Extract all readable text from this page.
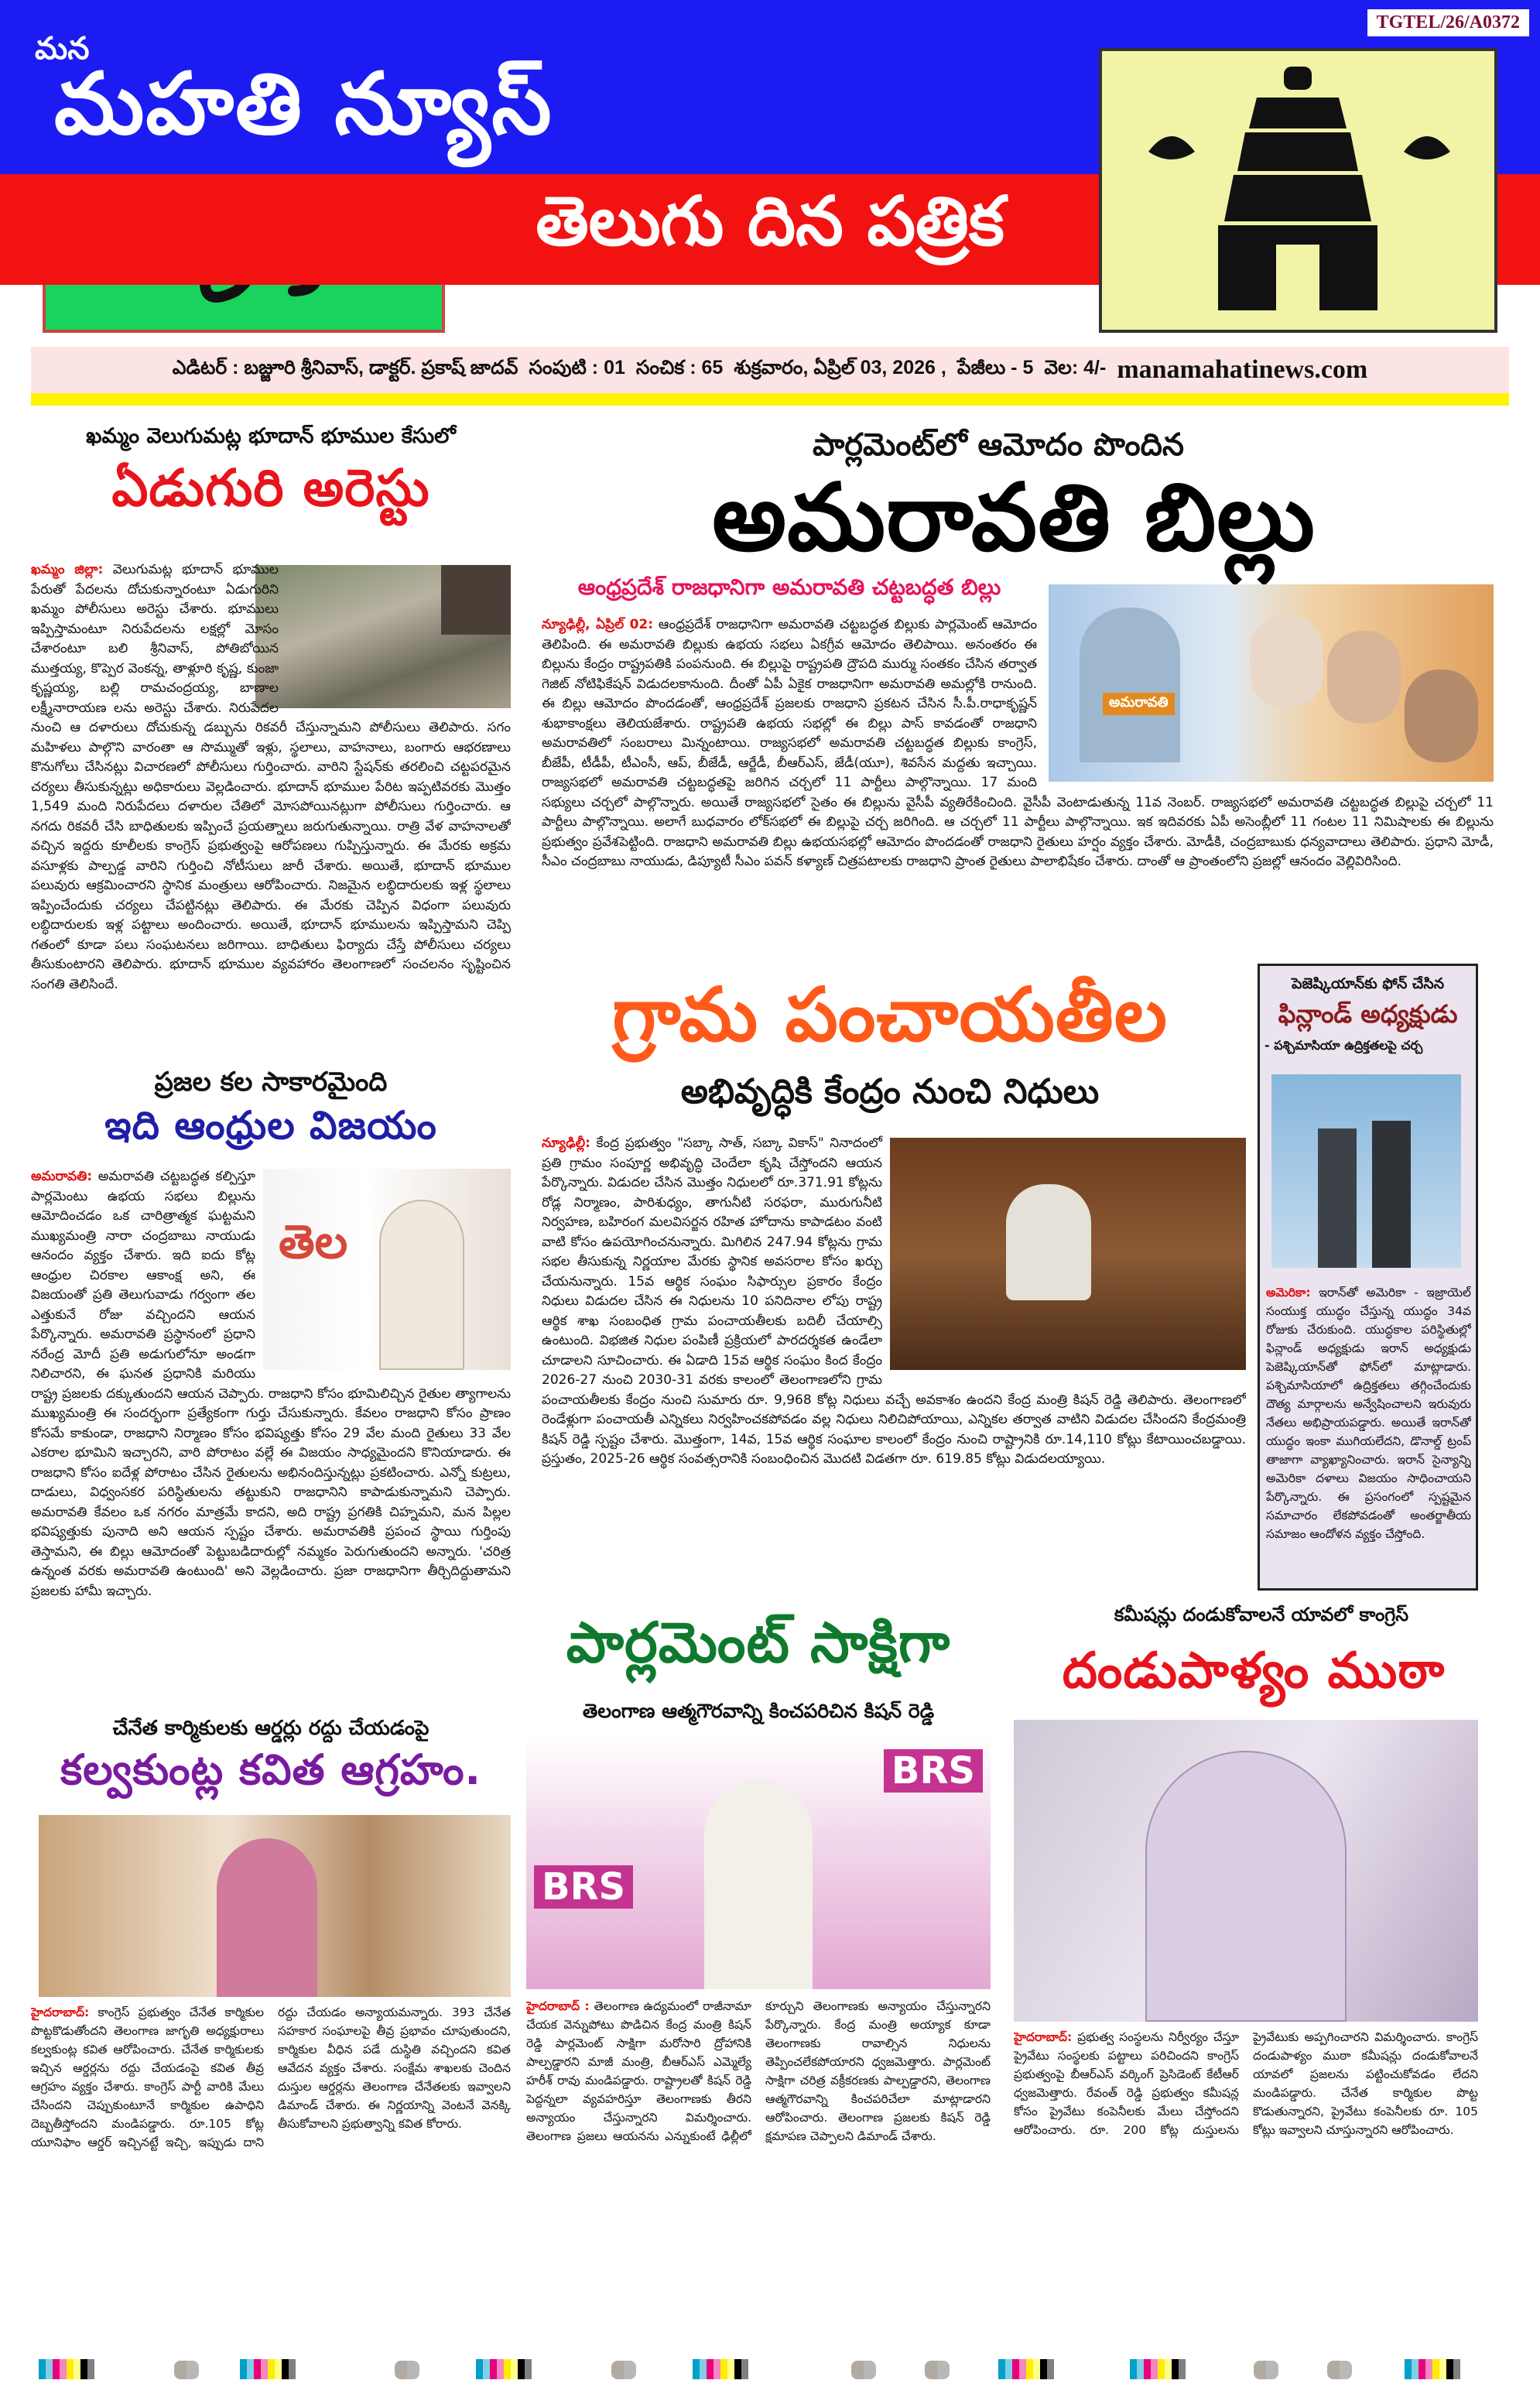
TGTEL/26/A0372
మన
మహతి న్యూస్
తెలుగు దిన పత్రిక
ఎడిటర్ : బజ్జూరి శ్రీనివాస్, డాక్టర్. ప్రకాష్ జాదవ్ సంపుటి : 01 సంచిక : 65 శుక్రవారం, ఏప్రిల్ 03, 2026 , పేజీలు - 5 వెల: 4/- manamahatinews.com
ఖమ్మం వెలుగుమట్ల భూదాన్ భూముల కేసులో
ఏడుగురి అరెస్టు
ఖమ్మం జిల్లా: వెలుగుమట్ల భూదాన్ భూముల పేరుతో పేదలను దోచుకున్నారంటూ ఏడుగురిని ఖమ్మం పోలీసులు అరెస్టు చేశారు. భూములు ఇప్పిస్తామంటూ నిరుపేదలను లక్షల్లో మోసం చేశారంటూ బలి శ్రీనివాస్, పోతిబోయిన ముత్తయ్య, కొప్పెర వెంకన్న, తాళ్లూరి కృష్ణ, కుంజా కృష్ణయ్య, బల్లి రామచంద్రయ్య, బాణాల లక్ష్మీనారాయణ లను అరెస్టు చేశారు. నిరుపేదల నుంచి ఆ దళారులు దోచుకున్న డబ్బును రికవరీ చేస్తున్నామని పోలీసులు తెలిపారు. సగం మహిళలు పాల్గొని వారంతా ఆ సొమ్ముతో ఇళ్లు, స్థలాలు, వాహనాలు, బంగారు ఆభరణాలు కొనుగోలు చేసినట్లు విచారణలో పోలీసులు గుర్తించారు. వారిని స్టేషన్‌కు తరలించి చట్టపరమైన చర్యలు తీసుకున్నట్లు అధికారులు వెల్లడించారు. భూదాన్ భూముల పేరిట ఇప్పటివరకు మొత్తం 1,549 మంది నిరుపేదలు దళారుల చేతిలో మోసపోయినట్లుగా పోలీసులు గుర్తించారు. ఆ నగదు రికవరీ చేసి బాధితులకు ఇప్పించే ప్రయత్నాలు జరుగుతున్నాయి. రాత్రి వేళ వాహనాలతో వచ్చిన ఇద్దరు కూలీలకు కాంగ్రెస్ ప్రభుత్వంపై ఆరోపణలు గుప్పిస్తున్నారు. ఈ మేరకు అక్రమ వసూళ్లకు పాల్పడ్డ వారిని గుర్తించి నోటీసులు జారీ చేశారు. అయితే, భూదాన్ భూముల పలువురు ఆక్రమించారని స్థానిక మంత్రులు ఆరోపించారు. నిజమైన లబ్ధిదారులకు ఇళ్ల స్థలాలు ఇప్పించేందుకు చర్యలు చేపట్టినట్లు తెలిపారు. ఈ మేరకు చెప్పిన విధంగా పలువురు లబ్ధిదారులకు ఇళ్ల పట్టాలు అందించారు. అయితే, భూదాన్ భూములను ఇప్పిస్తామని చెప్పి గతంలో కూడా పలు సంఘటనలు జరిగాయి. బాధితులు ఫిర్యాదు చేస్తే పోలీసులు చర్యలు తీసుకుంటారని తెలిపారు. భూదాన్ భూముల వ్యవహారం తెలంగాణలో సంచలనం సృష్టించిన సంగతి తెలిసిందే.
పార్లమెంట్‌లో ఆమోదం పొందిన
అమరావతి బిల్లు
ఆంధ్రప్రదేశ్ రాజధానిగా అమరావతి చట్టబద్ధత బిల్లు
అమరావతి
న్యూఢిల్లీ, ఏప్రిల్ 02: ఆంధ్రప్రదేశ్ రాజధానిగా అమరావతి చట్టబద్ధత బిల్లుకు పార్లమెంట్ ఆమోదం తెలిపింది. ఈ అమరావతి బిల్లుకు ఉభయ సభలు ఏకగ్రీవ ఆమోదం తెలిపాయి. అనంతరం ఈ బిల్లును కేంద్రం రాష్ట్రపతికి పంపనుంది. ఈ బిల్లుపై రాష్ట్రపతి ద్రౌపది ముర్ము సంతకం చేసిన తర్వాత గెజిట్ నోటిఫికేషన్ విడుదలకానుంది. దీంతో ఏపీ ఏకైక రాజధానిగా అమరావతి అమల్లోకి రానుంది. ఈ బిల్లు ఆమోదం పొందడంతో, ఆంధ్రప్రదేశ్ ప్రజలకు రాజధాని ప్రకటన చేసిన సీ.పీ.రాధాకృష్ణన్ శుభాకాంక్షలు తెలియజేశారు. రాష్ట్రపతి ఉభయ సభల్లో ఈ బిల్లు పాస్ కావడంతో రాజధాని అమరావతిలో సంబరాలు మిన్నంటాయి. రాజ్యసభలో అమరావతి చట్టబద్ధత బిల్లుకు కాంగ్రెస్, బీజేపీ, టీడీపీ, టీఎంసీ, ఆప్, బీజేడీ, ఆర్జేడీ, బీఆర్ఎస్, జేడీ(యూ), శివసేన మద్దతు ఇచ్చాయి. రాజ్యసభలో అమరావతి చట్టబద్ధతపై జరిగిన చర్చలో 11 పార్టీలు పాల్గొన్నాయి. 17 మంది సభ్యులు చర్చలో పాల్గొన్నారు. అయితే రాజ్యసభలో సైతం ఈ బిల్లును వైసీపీ వ్యతిరేకించింది. వైసీపీ వెంటాడుతున్న 11వ నెంబర్. రాజ్యసభలో అమరావతి చట్టబద్ధత బిల్లుపై చర్చలో 11 పార్టీలు పాల్గొన్నాయి. అలాగే బుధవారం లోక్‌సభలో ఈ బిల్లుపై చర్చ జరిగింది. ఆ చర్చలో 11 పార్టీలు పాల్గొన్నాయి. ఇక ఇదివరకు ఏపీ అసెంబ్లీలో 11 గంటల 11 నిమిషాలకు ఈ బిల్లును ప్రభుత్వం ప్రవేశపెట్టింది. రాజధాని అమరావతి బిల్లు ఉభయసభల్లో ఆమోదం పొందడంతో రాజధాని రైతులు హర్షం వ్యక్తం చేశారు. మోడీకి, చంద్రబాబుకు ధన్యవాదాలు తెలిపారు. ప్రధాని మోడీ, సీఎం చంద్రబాబు నాయుడు, డిప్యూటీ సీఎం పవన్ కళ్యాణ్ చిత్రపటాలకు రాజధాని ప్రాంత రైతులు పాలాభిషేకం చేశారు. దాంతో ఆ ప్రాంతంలోని ప్రజల్లో ఆనందం వెల్లివిరిసింది.
గ్రామ పంచాయతీల
అభివృద్ధికి కేంద్రం నుంచి నిధులు
న్యూఢిల్లీ: కేంద్ర ప్రభుత్వం "సబ్కా సాత్, సబ్కా వికాస్" నినాదంలో ప్రతి గ్రామం సంపూర్ణ అభివృద్ధి చెందేలా కృషి చేస్తోందని ఆయన పేర్కొన్నారు. విడుదల చేసిన మొత్తం నిధులలో రూ.371.91 కోట్లను రోడ్ల నిర్మాణం, పారిశుధ్యం, తాగునీటి సరఫరా, మురుగునీటి నిర్వహణ, బహిరంగ మలవిసర్జన రహిత హోదాను కాపాడటం వంటి వాటి కోసం ఉపయోగించనున్నారు. మిగిలిన 247.94 కోట్లను గ్రామ సభల తీసుకున్న నిర్ణయాల మేరకు స్థానిక అవసరాల కోసం ఖర్చు చేయనున్నారు. 15వ ఆర్థిక సంఘం సిఫార్సుల ప్రకారం కేంద్రం నిధులు విడుదల చేసిన ఈ నిధులను 10 పనిదినాల లోపు రాష్ట్ర ఆర్థిక శాఖ సంబంధిత గ్రామ పంచాయతీలకు బదిలీ చేయాల్సి ఉంటుంది. విభజిత నిధుల పంపిణీ ప్రక్రియలో పారదర్శకత ఉండేలా చూడాలని సూచించారు. ఈ ఏడాది 15వ ఆర్థిక సంఘం కింద కేంద్రం 2026-27 నుంచి 2030-31 వరకు కాలంలో తెలంగాణలోని గ్రామ పంచాయతీలకు కేంద్రం నుంచి సుమారు రూ. 9,968 కోట్ల నిధులు వచ్చే అవకాశం ఉందని కేంద్ర మంత్రి కిషన్ రెడ్డి తెలిపారు. తెలంగాణలో రెండేళ్లుగా పంచాయతీ ఎన్నికలు నిర్వహించకపోవడం వల్ల నిధులు నిలిచిపోయాయి, ఎన్నికల తర్వాత వాటిని విడుదల చేసిందని కేంద్రమంత్రి కిషన్ రెడ్డి స్పష్టం చేశారు. మొత్తంగా, 14వ, 15వ ఆర్థిక సంఘాల కాలంలో కేంద్రం నుంచి రాష్ట్రానికి రూ.14,110 కోట్లు కేటాయించబడ్డాయి. ప్రస్తుతం, 2025-26 ఆర్థిక సంవత్సరానికి సంబంధించిన మొదటి విడతగా రూ. 619.85 కోట్లు విడుదలయ్యాయి.
పెజెష్కియాన్‌కు ఫోన్ చేసిన
ఫిన్లాండ్ అధ్యక్షుడు
- పశ్చిమాసియా ఉద్రిక్తతలపై చర్చ
అమెరికా: ఇరాన్‌తో అమెరికా - ఇజ్రాయెల్ సంయుక్త యుద్ధం చేస్తున్న యుద్ధం 34వ రోజుకు చేరుకుంది. యుద్ధకాల పరిస్థితుల్లో ఫిన్లాండ్ అధ్యక్షుడు ఇరాన్ అధ్యక్షుడు పెజెష్కియాన్‌తో ఫోన్‌లో మాట్లాడారు. పశ్చిమాసియాలో ఉద్రిక్తతలు తగ్గించేందుకు దౌత్య మార్గాలను అన్వేషించాలని ఇరువురు నేతలు అభిప్రాయపడ్డారు. అయితే ఇరాన్‌తో యుద్ధం ఇంకా ముగియలేదని, డొనాల్డ్ ట్రంప్ తాజాగా వ్యాఖ్యానించారు. ఇరాన్ సైన్యాన్ని అమెరికా దళాలు విజయం సాధించాయని పేర్కొన్నారు. ఈ ప్రసంగంలో స్పష్టమైన సమాచారం లేకపోవడంతో అంతర్జాతీయ సమాజం ఆందోళన వ్యక్తం చేస్తోంది.
ప్రజల కల సాకారమైంది
ఇది ఆంధ్రుల విజయం
తెల
అమరావతి: అమరావతి చట్టబద్ధత కల్పిస్తూ పార్లమెంటు ఉభయ సభలు బిల్లును ఆమోదించడం ఒక చారిత్రాత్మక ఘట్టమని ముఖ్యమంత్రి నారా చంద్రబాబు నాయుడు ఆనందం వ్యక్తం చేశారు. ఇది ఐదు కోట్ల ఆంధ్రుల చిరకాల ఆకాంక్ష అని, ఈ విజయంతో ప్రతి తెలుగువాడు గర్వంగా తల ఎత్తుకునే రోజు వచ్చిందని ఆయన పేర్కొన్నారు. అమరావతి ప్రస్థానంలో ప్రధాని నరేంద్ర మోదీ ప్రతి అడుగులోనూ అండగా నిలిచారని, ఈ ఘనత ప్రధానికి మరియు రాష్ట్ర ప్రజలకు దక్కుతుందని ఆయన చెప్పారు. రాజధాని కోసం భూమిలిచ్చిన రైతుల త్యాగాలను ముఖ్యమంత్రి ఈ సందర్భంగా ప్రత్యేకంగా గుర్తు చేసుకున్నారు. కేవలం రాజధాని కోసం ప్రాణం కోసమే కాకుండా, రాజధాని నిర్మాణం కోసం భవిష్యత్తు కోసం 29 వేల మంది రైతులు 33 వేల ఎకరాల భూమిని ఇచ్చారని, వారి పోరాటం వల్లే ఈ విజయం సాధ్యమైందని కొనియాడారు. ఈ రాజధాని కోసం ఐదేళ్ల పోరాటం చేసిన రైతులను అభినందిస్తున్నట్లు ప్రకటించారు. ఎన్నో కుట్రలు, దాడులు, విధ్వంసకర పరిస్థితులను తట్టుకుని రాజధానిని కాపాడుకున్నామని చెప్పారు. అమరావతి కేవలం ఒక నగరం మాత్రమే కాదని, అది రాష్ట్ర ప్రగతికి చిహ్నమని, మన పిల్లల భవిష్యత్తుకు పునాది అని ఆయన స్పష్టం చేశారు. అమరావతికి ప్రపంచ స్థాయి గుర్తింపు తెస్తామని, ఈ బిల్లు ఆమోదంతో పెట్టుబడిదారుల్లో నమ్మకం పెరుగుతుందని అన్నారు. 'చరిత్ర ఉన్నంత వరకు అమరావతి ఉంటుంది' అని వెల్లడించారు. ప్రజా రాజధానిగా తీర్చిదిద్దుతామని ప్రజలకు హామీ ఇచ్చారు.
పార్లమెంట్ సాక్షిగా
తెలంగాణ ఆత్మగౌరవాన్ని కించపరిచిన కిషన్ రెడ్డి
BRS
BRS
హైదరాబాద్ : తెలంగాణ ఉద్యమంలో రాజీనామా చేయక వెన్నుపోటు పొడిచిన కేంద్ర మంత్రి కిషన్ రెడ్డి పార్లమెంట్ సాక్షిగా మరోసారి ద్రోహానికి పాల్పడ్డారని మాజీ మంత్రి, బీఆర్ఎస్ ఎమ్మెల్యే హరీశ్ రావు మండిపడ్డారు. రాష్ట్రాలతో కిషన్ రెడ్డి పెద్దన్నలా వ్యవహరిస్తూ తెలంగాణకు తీరని అన్యాయం చేస్తున్నారని విమర్శించారు. తెలంగాణ ప్రజలు ఆయనను ఎన్నుకుంటే ఢిల్లీలో కూర్చుని తెలంగాణకు అన్యాయం చేస్తున్నారని పేర్కొన్నారు. కేంద్ర మంత్రి అయ్యాక కూడా తెలంగాణకు రావాల్సిన నిధులను తెప్పించలేకపోయారని ధ్వజమెత్తారు. పార్లమెంట్ సాక్షిగా చరిత్ర వక్రీకరణకు పాల్పడ్డారని, తెలంగాణ ఆత్మగౌరవాన్ని కించపరిచేలా మాట్లాడారని ఆరోపించారు. తెలంగాణ ప్రజలకు కిషన్ రెడ్డి క్షమాపణ చెప్పాలని డిమాండ్ చేశారు.
చేనేత కార్మికులకు ఆర్డర్లు రద్దు చేయడంపై
కల్వకుంట్ల కవిత ఆగ్రహం.
హైదరాబాద్: కాంగ్రెస్ ప్రభుత్వం చేనేత కార్మికుల పొట్టకొడుతోందని తెలంగాణ జాగృతి అధ్యక్షురాలు కల్వకుంట్ల కవిత ఆరోపించారు. చేనేత కార్మికులకు ఇచ్చిన ఆర్డర్లను రద్దు చేయడంపై కవిత తీవ్ర ఆగ్రహం వ్యక్తం చేశారు. కాంగ్రెస్ పార్టీ వారికి మేలు చేసిందని చెప్పుకుంటూనే కార్మికుల ఉపాధిని దెబ్బతీస్తోందని మండిపడ్డారు. రూ.105 కోట్ల యూనిఫాం ఆర్డర్ ఇచ్చినట్టే ఇచ్చి, ఇప్పుడు దాని రద్దు చేయడం అన్యాయమన్నారు. 393 చేనేత సహకార సంఘాలపై తీవ్ర ప్రభావం చూపుతుందని, కార్మికుల వీధిన పడే దుస్థితి వచ్చిందని కవిత ఆవేదన వ్యక్తం చేశారు. సంక్షేమ శాఖలకు చెందిన దుస్తుల ఆర్డర్లను తెలంగాణ చేనేతలకు ఇవ్వాలని డిమాండ్ చేశారు. ఈ నిర్ణయాన్ని వెంటనే వెనక్కి తీసుకోవాలని ప్రభుత్వాన్ని కవిత కోరారు.
కమీషన్లు దండుకోవాలనే యావలో కాంగ్రెస్
దండుపాళ్యం ముఠా
హైదరాబాద్: ప్రభుత్వ సంస్థలను నిర్వీర్యం చేస్తూ ప్రైవేటు సంస్థలకు పట్టాలు పరిచిందని కాంగ్రెస్ ప్రభుత్వంపై బీఆర్ఎస్ వర్కింగ్ ప్రెసిడెంట్ కేటీఆర్ ధ్వజమెత్తారు. రేవంత్ రెడ్డి ప్రభుత్వం కమీషన్ల కోసం ప్రైవేటు కంపెనీలకు మేలు చేస్తోందని ఆరోపించారు. రూ. 200 కోట్ల దుస్తులను ప్రైవేటుకు అప్పగించారని విమర్శించారు. కాంగ్రెస్ దండుపాళ్యం ముఠా కమీషన్లు దండుకోవాలనే యావలో ప్రజలను పట్టించుకోవడం లేదని మండిపడ్డారు. చేనేత కార్మికుల పొట్ట కొడుతున్నారని, ప్రైవేటు కంపెనీలకు రూ. 105 కోట్లు ఇవ్వాలని చూస్తున్నారని ఆరోపించారు.
